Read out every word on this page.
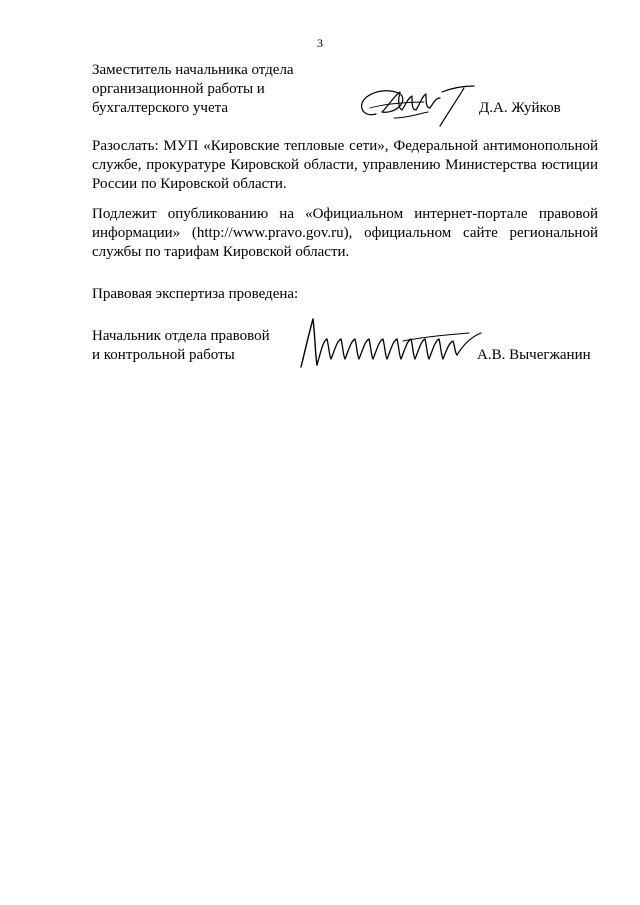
3
Заместитель начальника отдела
организационной работы и
бухгалтерского учета	Д.А. Жуйков
Разослать: МУП «Кировские тепловые сети», Федеральной антимонопольной службе, прокуратуре Кировской области, управлению Министерства юстиции России по Кировской области.
Подлежит опубликованию на «Официальном интернет-портале правовой информации» (http://www.pravo.gov.ru), официальном сайте региональной службы по тарифам Кировской области.
Правовая экспертиза проведена:
Начальник отдела правовой
и контрольной работы	А.В. Вычегжанин
